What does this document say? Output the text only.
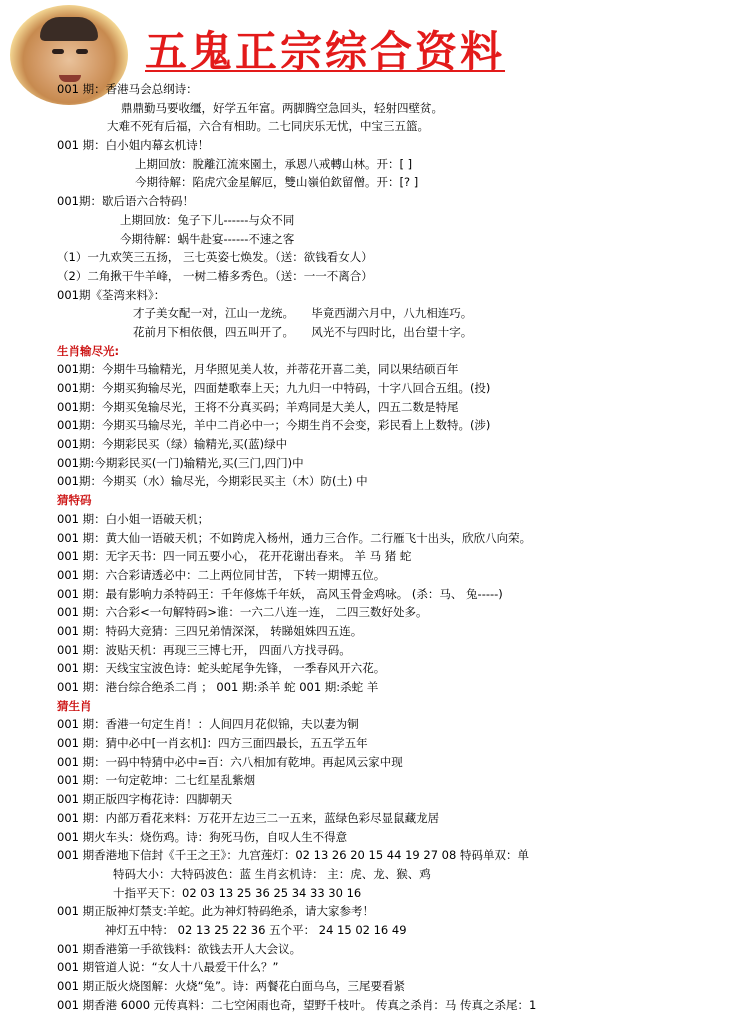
五鬼正宗综合资料
001 期：香港马会总纲诗：
鼎鼎勤马要收缰，好学五年富。两脚腾空急回头，轻射四壁贫。
大难不死有后福，六合有相助。二七同庆乐无忧，中宝三五篮。
001 期：白小姐内幕玄机诗！
上期回放：脫離江流來園土，承恩八戒轉山林。开：[ ]
今期待解：陷虎穴金星解厄，雙山嶺伯欽留僧。开：[? ]
001期：歇后语六合特码！
上期回放：兔子下儿------与众不同
今期待解：蜗牛赴宴------不速之客
（1）一九欢笑三五扬， 三七英姿七焕发。（送：欲钱看女人）
（2）二角揪干牛羊峰， 一树二椿多秀色。（送：一一不离合）
001期《荃湾来料》：
才子美女配一对，江山一龙统。　　毕竟西湖六月中，八九相连巧。
花前月下相依偎，四五叫开了。　　风光不与四时比，出台望十字。
生肖输尽光:
001期：今期牛马输精光，月华照见美人妆，并蒂花开喜二美，同以果结硕百年
001期：今期买狗输尽光，四面楚歌奉上天；九九归一中特码，十字八回合五组。(投)
001期：今期买兔输尽光，王将不分真买码；羊鸡同是大美人，四五二数是特尾
001期：今期买马输尽光，羊中二肖必中一；今期生肖不会变，彩民看上上数特。(涉)
001期：今期彩民买（绿）输精光,买(蓝)绿中
001期:今期彩民买(一门)输精光,买(三门,四门)中
001期：今期买（水）输尽光，今期彩民买主（木）防(土) 中
猜特码
001 期：白小姐一语破天机；
001 期：黄大仙一语破天机；不如跨虎入杨州，通力三合作。二行雁飞十出头，欣欣八向荣。
001 期：无字天书：四一同五要小心， 花开花谢出春来。 羊 马 猪 蛇
001 期：六合彩请透必中：二上两位同甘苦， 下转一期博五位。
001 期：最有影响力杀特码王：千年修炼千年妖， 高风玉骨金鸡咏。 (杀：马、 兔-----)
001 期：六合彩<一句解特码>谁：一六二八连一连， 二四三数好处多。
001 期：特码大竞猜：三四兄弟情深深， 转睇姐姝四五连。
001 期：波贴天机：再现三三博七开， 四面八方找寻码。
001 期：天线宝宝波色诗：蛇头蛇尾争先锋， 一季春风开六花。
001 期：港台综合绝杀二肖 ； 001 期:杀羊 蛇 001 期:杀蛇 羊
猜生肖
001 期：香港一句定生肖！：人间四月花似锦，夫以妻为铜
001 期：猜中必中[一肖玄机]：四方三面四最长，五五学五年
001 期：一码中特猜中必中=百：六八相加有乾坤。再起风云家中现
001 期：一句定乾坤：二七红星乱紫烟
001 期正版四字梅花诗：四脚朝天
001 期：内部万看花来料：万花开左边三二一五来，蓝绿色彩尽显鼠藏龙居
001 期火车头：烧伤鸡。诗：狗死马伤，自叹人生不得意
001 期香港地下信封《千王之王》：九宫莲灯：02 13 26 20 15 44 19 27 08 特码单双：单
特码大小：大特码波色：蓝 生肖玄机诗： 主：虎、龙、猴、鸡
十指平天下：02 03 13 25 36 25 34 33 30 16
001 期正版神灯禁支:羊蛇。此为神灯特码绝杀，请大家参考！
神灯五中特： 02 13 25 22 36 五个平： 24 15 02 16 49
001 期香港第一手欲钱料：欲钱去开人大会议。
001 期管道人说：“女人十八最爱干什么？”
001 期正版火烧图解：火烧“兔”。诗：两餐花白面乌乌，三尾要看紧
001 期香港 6000 元传真料：二七空闲雨也奇，望野千枝叶。 传真之杀肖：马 传真之杀尾：1
